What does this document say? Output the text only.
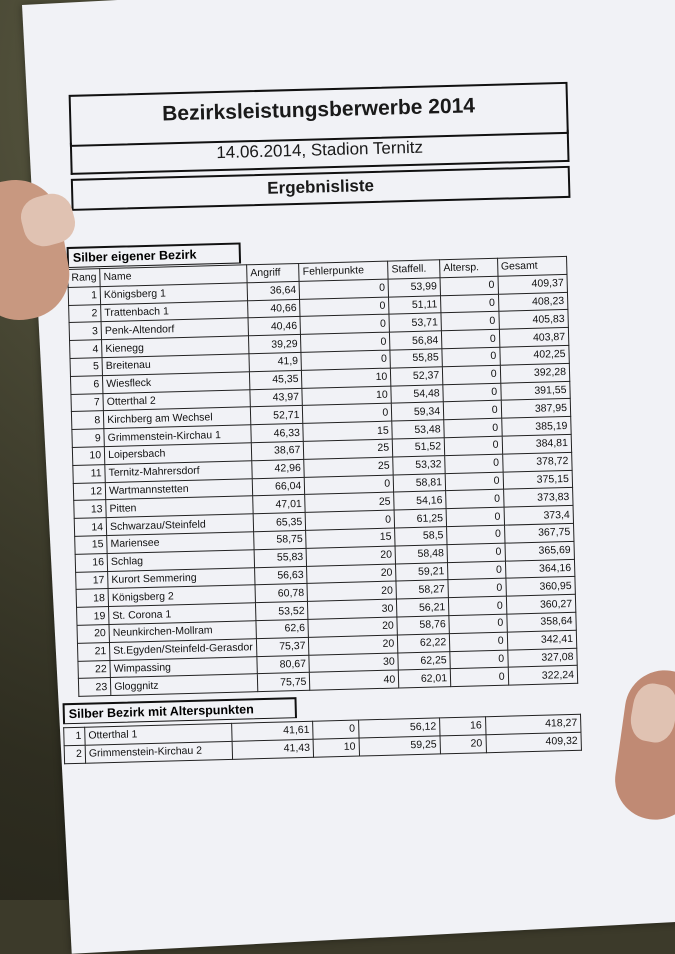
Bezirksleistungsberwerbe 2014
14.06.2014, Stadion Ternitz
Ergebnisliste
Silber eigener Bezirk
Rang	Name	Angriff	Fehlerpunkte	Staffell.	Altersp.	Gesamt
1	Königsberg 1	36,64	0	53,99	0	409,37
2	Trattenbach 1	40,66	0	51,11	0	408,23
3	Penk-Altendorf	40,46	0	53,71	0	405,83
4	Kienegg	39,29	0	56,84	0	403,87
5	Breitenau	41,9	0	55,85	0	402,25
6	Wiesfleck	45,35	10	52,37	0	392,28
7	Otterthal 2	43,97	10	54,48	0	391,55
8	Kirchberg am Wechsel	52,71	0	59,34	0	387,95
9	Grimmenstein-Kirchau 1	46,33	15	53,48	0	385,19
10	Loipersbach	38,67	25	51,52	0	384,81
11	Ternitz-Mahrersdorf	42,96	25	53,32	0	378,72
12	Wartmannstetten	66,04	0	58,81	0	375,15
13	Pitten	47,01	25	54,16	0	373,83
14	Schwarzau/Steinfeld	65,35	0	61,25	0	373,4
15	Mariensee	58,75	15	58,5	0	367,75
16	Schlag	55,83	20	58,48	0	365,69
17	Kurort Semmering	56,63	20	59,21	0	364,16
18	Königsberg 2	60,78	20	58,27	0	360,95
19	St. Corona 1	53,52	30	56,21	0	360,27
20	Neunkirchen-Mollram	62,6	20	58,76	0	358,64
21	St.Egyden/Steinfeld-Gerasdor	75,37	20	62,22	0	342,41
22	Wimpassing	80,67	30	62,25	0	327,08
23	Gloggnitz	75,75	40	62,01	0	322,24
Silber Bezirk mit Alterspunkten
1	Otterthal 1	41,61	0	56,12	16	418,27
2	Grimmenstein-Kirchau 2	41,43	10	59,25	20	409,32
